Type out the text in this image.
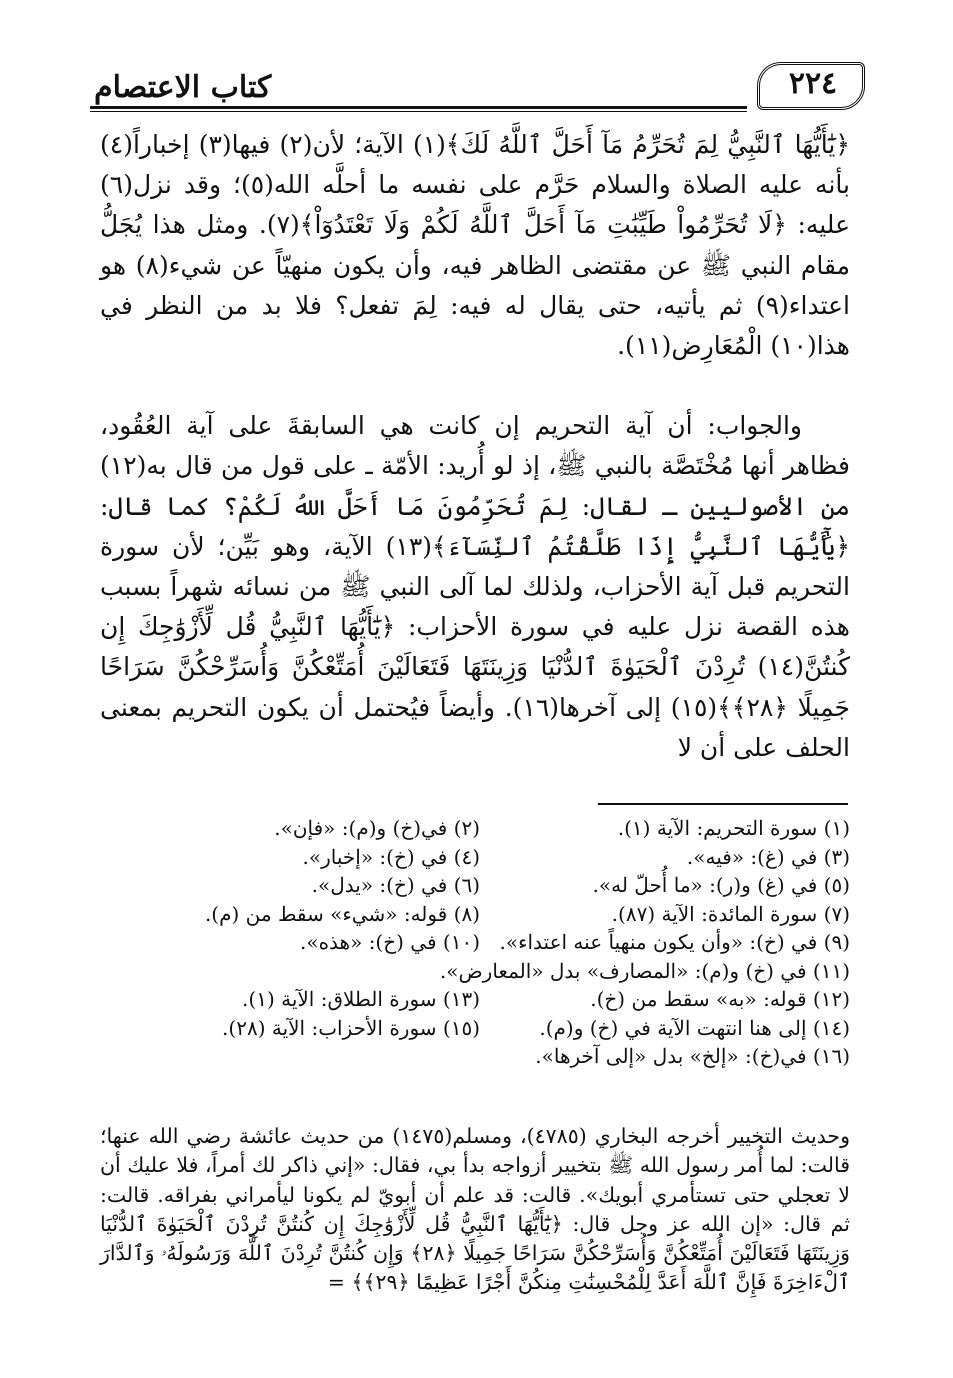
كتاب الاعتصام	٢٢٤

﴿يَٰٓأَيُّهَا ٱلنَّبِيُّ لِمَ تُحَرِّمُ مَآ أَحَلَّ ٱللَّهُ لَكَ﴾(١) الآية؛ لأن(٢) فيها(٣) إخباراً(٤) بأنه عليه الصلاة والسلام حَرَّم على نفسه ما أحلَّه الله(٥)؛ وقد نزل(٦) عليه: ﴿لَا تُحَرِّمُواْ طَيِّبَٰتِ مَآ أَحَلَّ ٱللَّهُ لَكُمْ وَلَا تَعْتَدُوٓاْ﴾(٧). ومثل هذا يُجَلُّ مقام النبي ﷺ عن مقتضى الظاهر فيه، وأن يكون منهيّاً عن شيء(٨) هو اعتداء(٩) ثم يأتيه، حتى يقال له فيه: لِمَ تفعل؟ فلا بد من النظر في هذا(١٠) الْمُعَارِض(١١).

والجواب: أن آية التحريم إن كانت هي السابقةَ على آية العُقُود، فظاهر أنها مُخْتَصَّة بالنبي ﷺ، إذ لو أُريد: الأمّة ـ على قول من قال به(١٢) من الأصوليين ـ لقال: لِمَ تُحَرِّمُونَ مَا أَحَلَّ اللهُ لَكُمْ؟ كما قال: ﴿يَٰٓأَيُّهَا ٱلنَّبِيُّ إِذَا طَلَّقْتُمُ ٱلنِّسَآءَ﴾(١٣) الآية، وهو بَيِّن؛ لأن سورة التحريم قبل آية الأحزاب، ولذلك لما آلى النبي ﷺ من نسائه شهراً بسبب هذه القصة نزل عليه في سورة الأحزاب: ﴿يَٰٓأَيُّهَا ٱلنَّبِيُّ قُل لِّأَزْوَٰجِكَ إِن كُنتُنَّ(١٤) تُرِدْنَ ٱلْحَيَوٰةَ ٱلدُّنْيَا وَزِينَتَهَا فَتَعَالَيْنَ أُمَتِّعْكُنَّ وَأُسَرِّحْكُنَّ سَرَاحًا جَمِيلًا ﴿٢٨﴾﴾(١٥) إلى آخرها(١٦). وأيضاً فيُحتمل أن يكون التحريم بمعنى الحلف على أن لا

(١) سورة التحريم: الآية (١).
(٢) في(خ) و(م): «فإن».
(٣) في (غ): «فيه».
(٤) في (خ): «إخبار».
(٥) في (غ) و(ر): «ما أُحلّ له».
(٦) في (خ): «يدل».
(٧) سورة المائدة: الآية (٨٧).
(٨) قوله: «شيء» سقط من (م).
(٩) في (خ): «وأن يكون منهياً عنه اعتداء».
(١٠) في (خ): «هذه».
(١١) في (خ) و(م): «المصارف» بدل «المعارض».
(١٢) قوله: «به» سقط من (خ).
(١٣) سورة الطلاق: الآية (١).
(١٤) إلى هنا انتهت الآية في (خ) و(م).
(١٥) سورة الأحزاب: الآية (٢٨).
(١٦) في(خ): «إلخ» بدل «إلى آخرها».
وحديث التخيير أخرجه البخاري (٤٧٨٥)، ومسلم(١٤٧٥) من حديث عائشة رضي الله عنها؛ قالت: لما أُمر رسول الله ﷺ بتخيير أزواجه بدأ بي، فقال: «إني ذاكر لك أمراً، فلا عليك أن لا تعجلي حتى تستأمري أبويك». قالت: قد علم أن أبويّ لم يكونا ليأمراني بفراقه. قالت: ثم قال: «إن الله عز وجل قال: ﴿يَٰٓأَيُّهَا ٱلنَّبِيُّ قُل لِّأَزْوَٰجِكَ إِن كُنتُنَّ تُرِدْنَ ٱلْحَيَوٰةَ ٱلدُّنْيَا وَزِينَتَهَا فَتَعَالَيْنَ أُمَتِّعْكُنَّ وَأُسَرِّحْكُنَّ سَرَاحًا جَمِيلًا ﴿٢٨﴾ وَإِن كُنتُنَّ تُرِدْنَ ٱللَّهَ وَرَسُولَهُۥ وَٱلدَّارَ ٱلْءَاخِرَةَ فَإِنَّ ٱللَّهَ أَعَدَّ لِلْمُحْسِنَٰتِ مِنكُنَّ أَجْرًا عَظِيمًا ﴿٢٩﴾﴾ =
